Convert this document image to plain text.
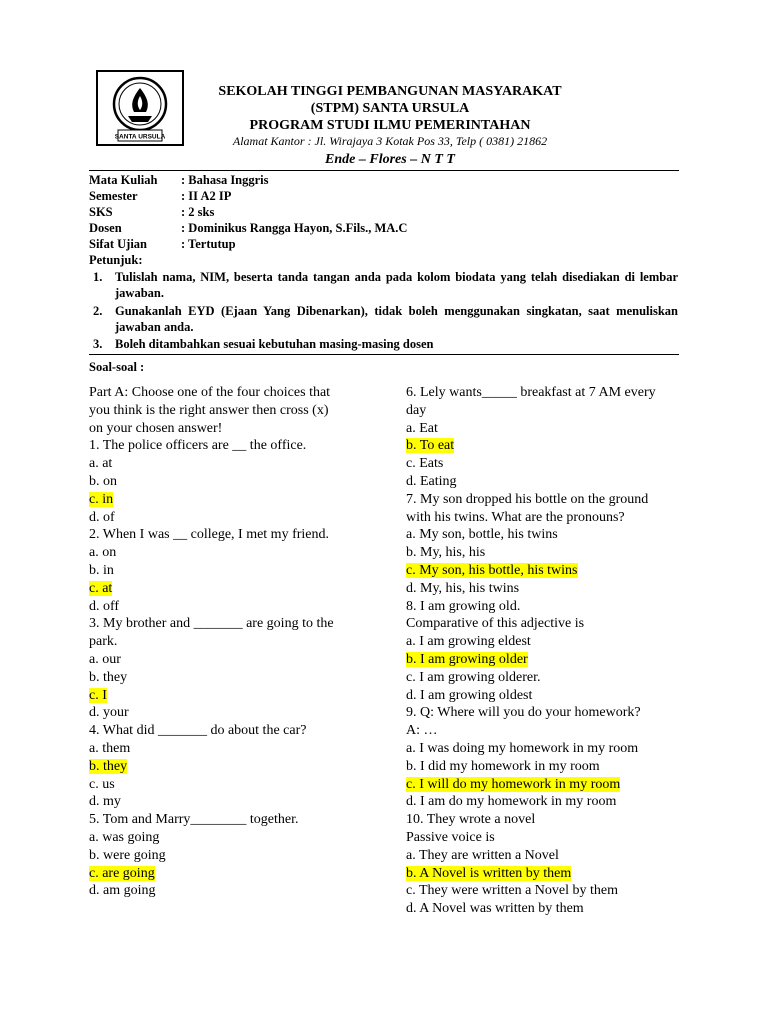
SANTA URSULA
SEKOLAH TINGGI PEMBANGUNAN MASYARAKAT
(STPM) SANTA URSULA
PROGRAM STUDI ILMU PEMERINTAHAN
Alamat Kantor : Jl. Wirajaya 3 Kotak Pos 33, Telp ( 0381) 21862
Ende – Flores – N T T
Mata Kuliah	: Bahasa Inggris
Semester	: II A2 IP
SKS	: 2 sks
Dosen	: Dominikus Rangga Hayon, S.Fils., MA.C
Sifat Ujian	: Tertutup
Petunjuk:
1. Tulislah nama, NIM, beserta tanda tangan anda pada kolom biodata yang telah disediakan di lembar jawaban.
2. Gunakanlah EYD (Ejaan Yang Dibenarkan), tidak boleh menggunakan singkatan, saat menuliskan jawaban anda.
3. Boleh ditambahkan sesuai kebutuhan masing-masing dosen
Soal-soal :
Part A: Choose one of the four choices that
you think is the right answer then cross (x)
on your chosen answer!
1. The police officers are __ the office.
a. at
b. on
c. in
d. of
2. When I was __ college, I met my friend.
a. on
b. in
c. at
d. off
3. My brother and _______ are going to the
park.
a. our
b. they
c. I
d. your
4. What did _______ do about the car?
a. them
b. they
c. us
d. my
5. Tom and Marry________ together.
a. was going
b. were going
c. are going
d. am going
6. Lely wants_____ breakfast at 7 AM every
day
a. Eat
b. To eat
c. Eats
d. Eating
7. My son dropped his bottle on the ground
with his twins. What are the pronouns?
a. My son, bottle, his twins
b. My, his, his
c. My son, his bottle, his twins
d. My, his, his twins
8. I am growing old.
Comparative of this adjective is
a. I am growing eldest
b. I am growing older
c. I am growing olderer.
d. I am growing oldest
9. Q: Where will you do your homework?
A: …
a. I was doing my homework in my room
b. I did my homework in my room
c. I will do my homework in my room
d. I am do my homework in my room
10. They wrote a novel
Passive voice is
a. They are written a Novel
b. A Novel is written by them
c. They were written a Novel by them
d. A Novel was written by them
